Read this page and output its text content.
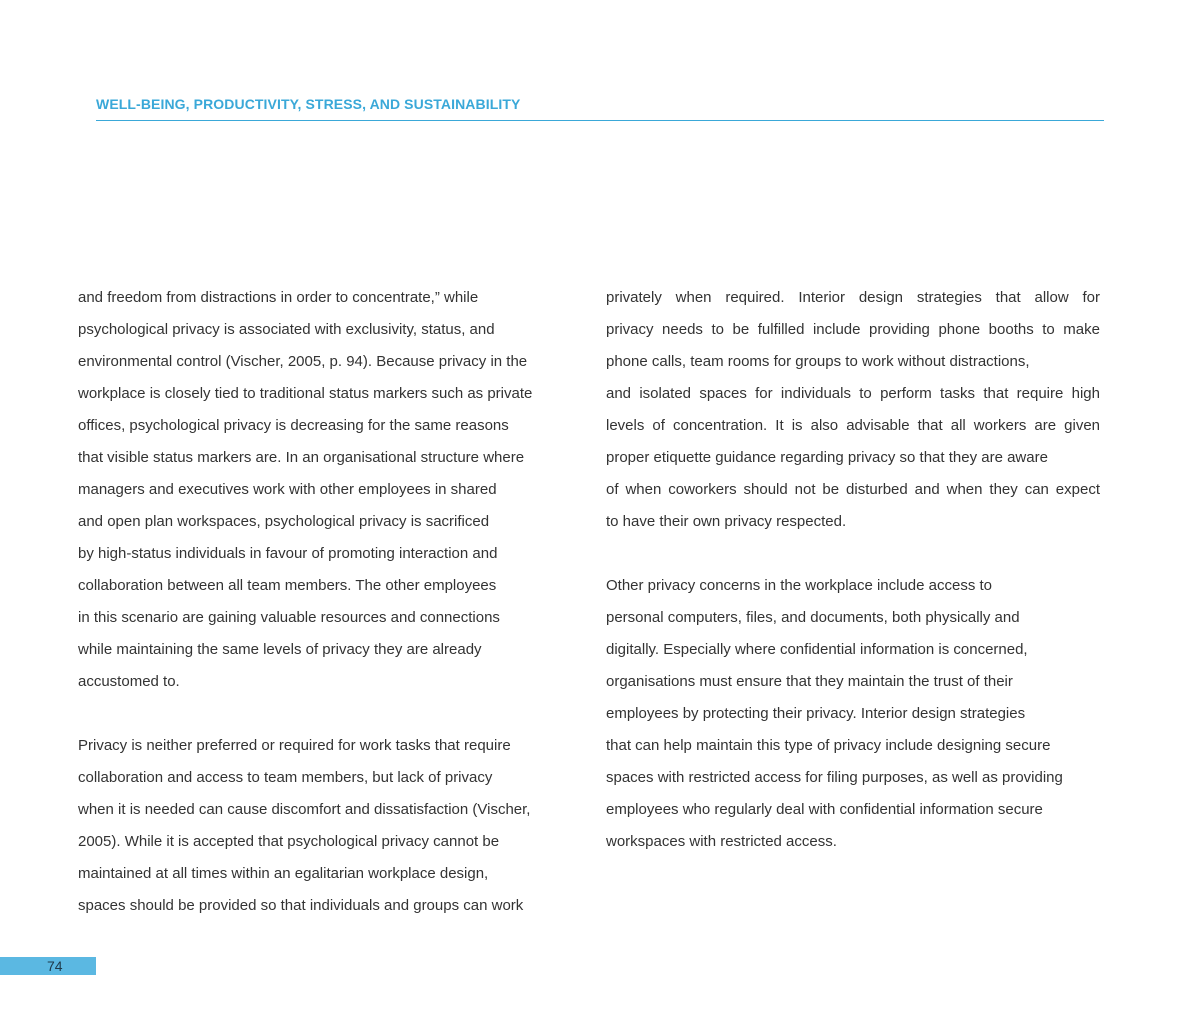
WELL-BEING, PRODUCTIVITY, STRESS, AND SUSTAINABILITY
and freedom from distractions in order to concentrate,” while
psychological privacy is associated with exclusivity, status, and
environmental control (Vischer, 2005, p. 94). Because privacy in the
workplace is closely tied to traditional status markers such as private
offices, psychological privacy is decreasing for the same reasons
that visible status markers are. In an organisational structure where
managers and executives work with other employees in shared
and open plan workspaces, psychological privacy is sacrificed
by high-status individuals in favour of promoting interaction and
collaboration between all team members. The other employees
in this scenario are gaining valuable resources and connections
while maintaining the same levels of privacy they are already
accustomed to.
Privacy is neither preferred or required for work tasks that require
collaboration and access to team members, but lack of privacy
when it is needed can cause discomfort and dissatisfaction (Vischer,
2005). While it is accepted that psychological privacy cannot be
maintained at all times within an egalitarian workplace design,
spaces should be provided so that individuals and groups can work
privately when required. Interior design strategies that allow for
privacy needs to be fulfilled include providing phone booths to make
phone calls, team rooms for groups to work without distractions,
and isolated spaces for individuals to perform tasks that require high
levels of concentration. It is also advisable that all workers are given
proper etiquette guidance regarding privacy so that they are aware
of when coworkers should not be disturbed and when they can expect
to have their own privacy respected.
Other privacy concerns in the workplace include access to
personal computers, files, and documents, both physically and
digitally. Especially where confidential information is concerned,
organisations must ensure that they maintain the trust of their
employees by protecting their privacy. Interior design strategies
that can help maintain this type of privacy include designing secure
spaces with restricted access for filing purposes, as well as providing
employees who regularly deal with confidential information secure
workspaces with restricted access.
74
